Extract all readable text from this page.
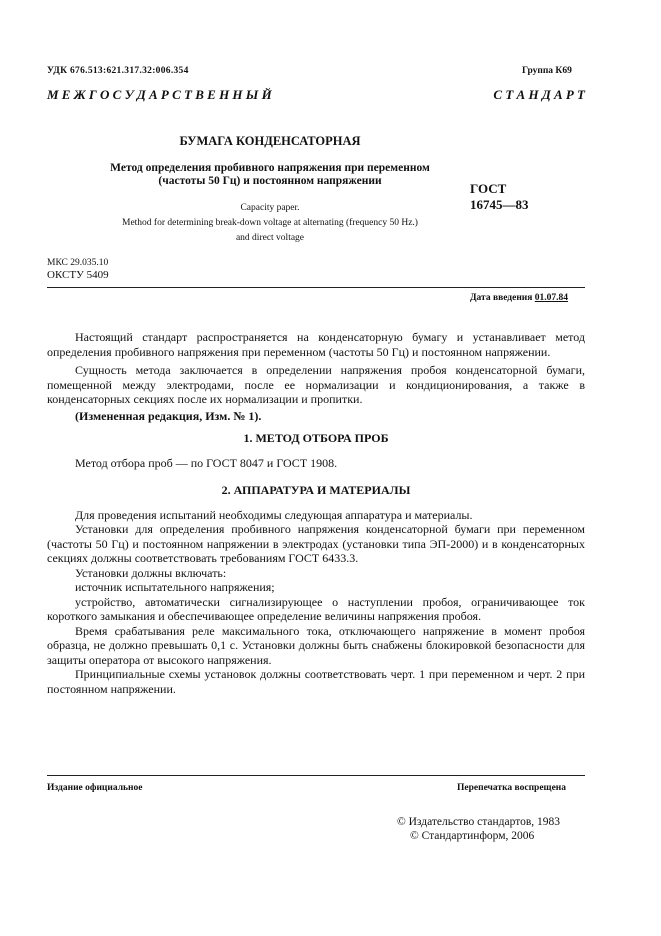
УДК 676.513:621.317.32:006.354	Группа К69
М Е Ж Г О С У Д А Р С Т В Е Н Н Ы Й	С Т А Н Д А Р Т
БУМАГА КОНДЕНСАТОРНАЯ
Метод определения пробивного напряжения при переменном
(частоты 50 Гц) и постоянном напряжении	ГОСТ
16745—83
Capacity paper.
Method for determining break-down voltage at alternating (frequency 50 Hz.)
and direct voltage
МКС 29.035.10
ОКСТУ 5409
Дата введения 01.07.84

Настоящий стандарт распространяется на конденсаторную бумагу и устанавливает метод определения пробивного напряжения при переменном (частоты 50 Гц) и постоянном напряжении.

Сущность метода заключается в определении напряжения пробоя конденсаторной бумаги, помещенной между электродами, после ее нормализации и кондиционирования, а также в конденсаторных секциях после их нормализации и пропитки.

(Измененная редакция, Изм. № 1).

1. МЕТОД ОТБОРА ПРОБ

Метод отбора проб — по ГОСТ 8047 и ГОСТ 1908.

2. АППАРАТУРА И МАТЕРИАЛЫ

Для проведения испытаний необходимы следующая аппаратура и материалы.

Установки для определения пробивного напряжения конденсаторной бумаги при переменном (частоты 50 Гц) и постоянном напряжении в электродах (установки типа ЭП-2000) и в конденсаторных секциях должны соответствовать требованиям ГОСТ 6433.3.

Установки должны включать:

источник испытательного напряжения;

устройство, автоматически сигнализирующее о наступлении пробоя, ограничивающее ток короткого замыкания и обеспечивающее определение величины напряжения пробоя.

Время срабатывания реле максимального тока, отключающего напряжение в момент пробоя образца, не должно превышать 0,1 с. Установки должны быть снабжены блокировкой безопасности для защиты оператора от высокого напряжения.

Принципиальные схемы установок должны соответствовать черт. 1 при переменном и черт. 2 при постоянном напряжении.

Издание официальное	Перепечатка воспрещена
© Издательство стандартов, 1983
© Стандартинформ, 2006
